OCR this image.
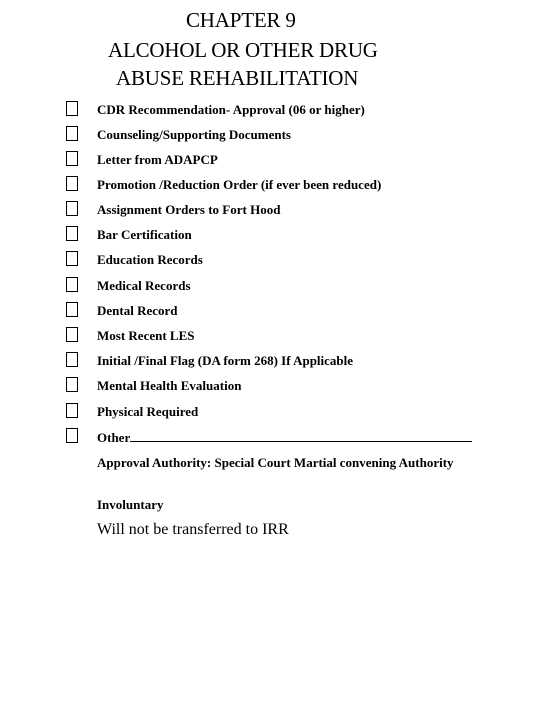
CHAPTER 9
ALCOHOL OR OTHER DRUG
ABUSE REHABILITATION
CDR Recommendation- Approval (06 or higher)
Counseling/Supporting Documents
Letter from ADAPCP
Promotion /Reduction Order (if ever been reduced)
Assignment Orders to Fort Hood
Bar Certification
Education Records
Medical Records
Dental Record
Most Recent LES
Initial /Final Flag (DA form 268) If Applicable
Mental Health Evaluation
Physical Required
Other
Approval Authority: Special Court Martial convening Authority
Involuntary
Will not be transferred to IRR
